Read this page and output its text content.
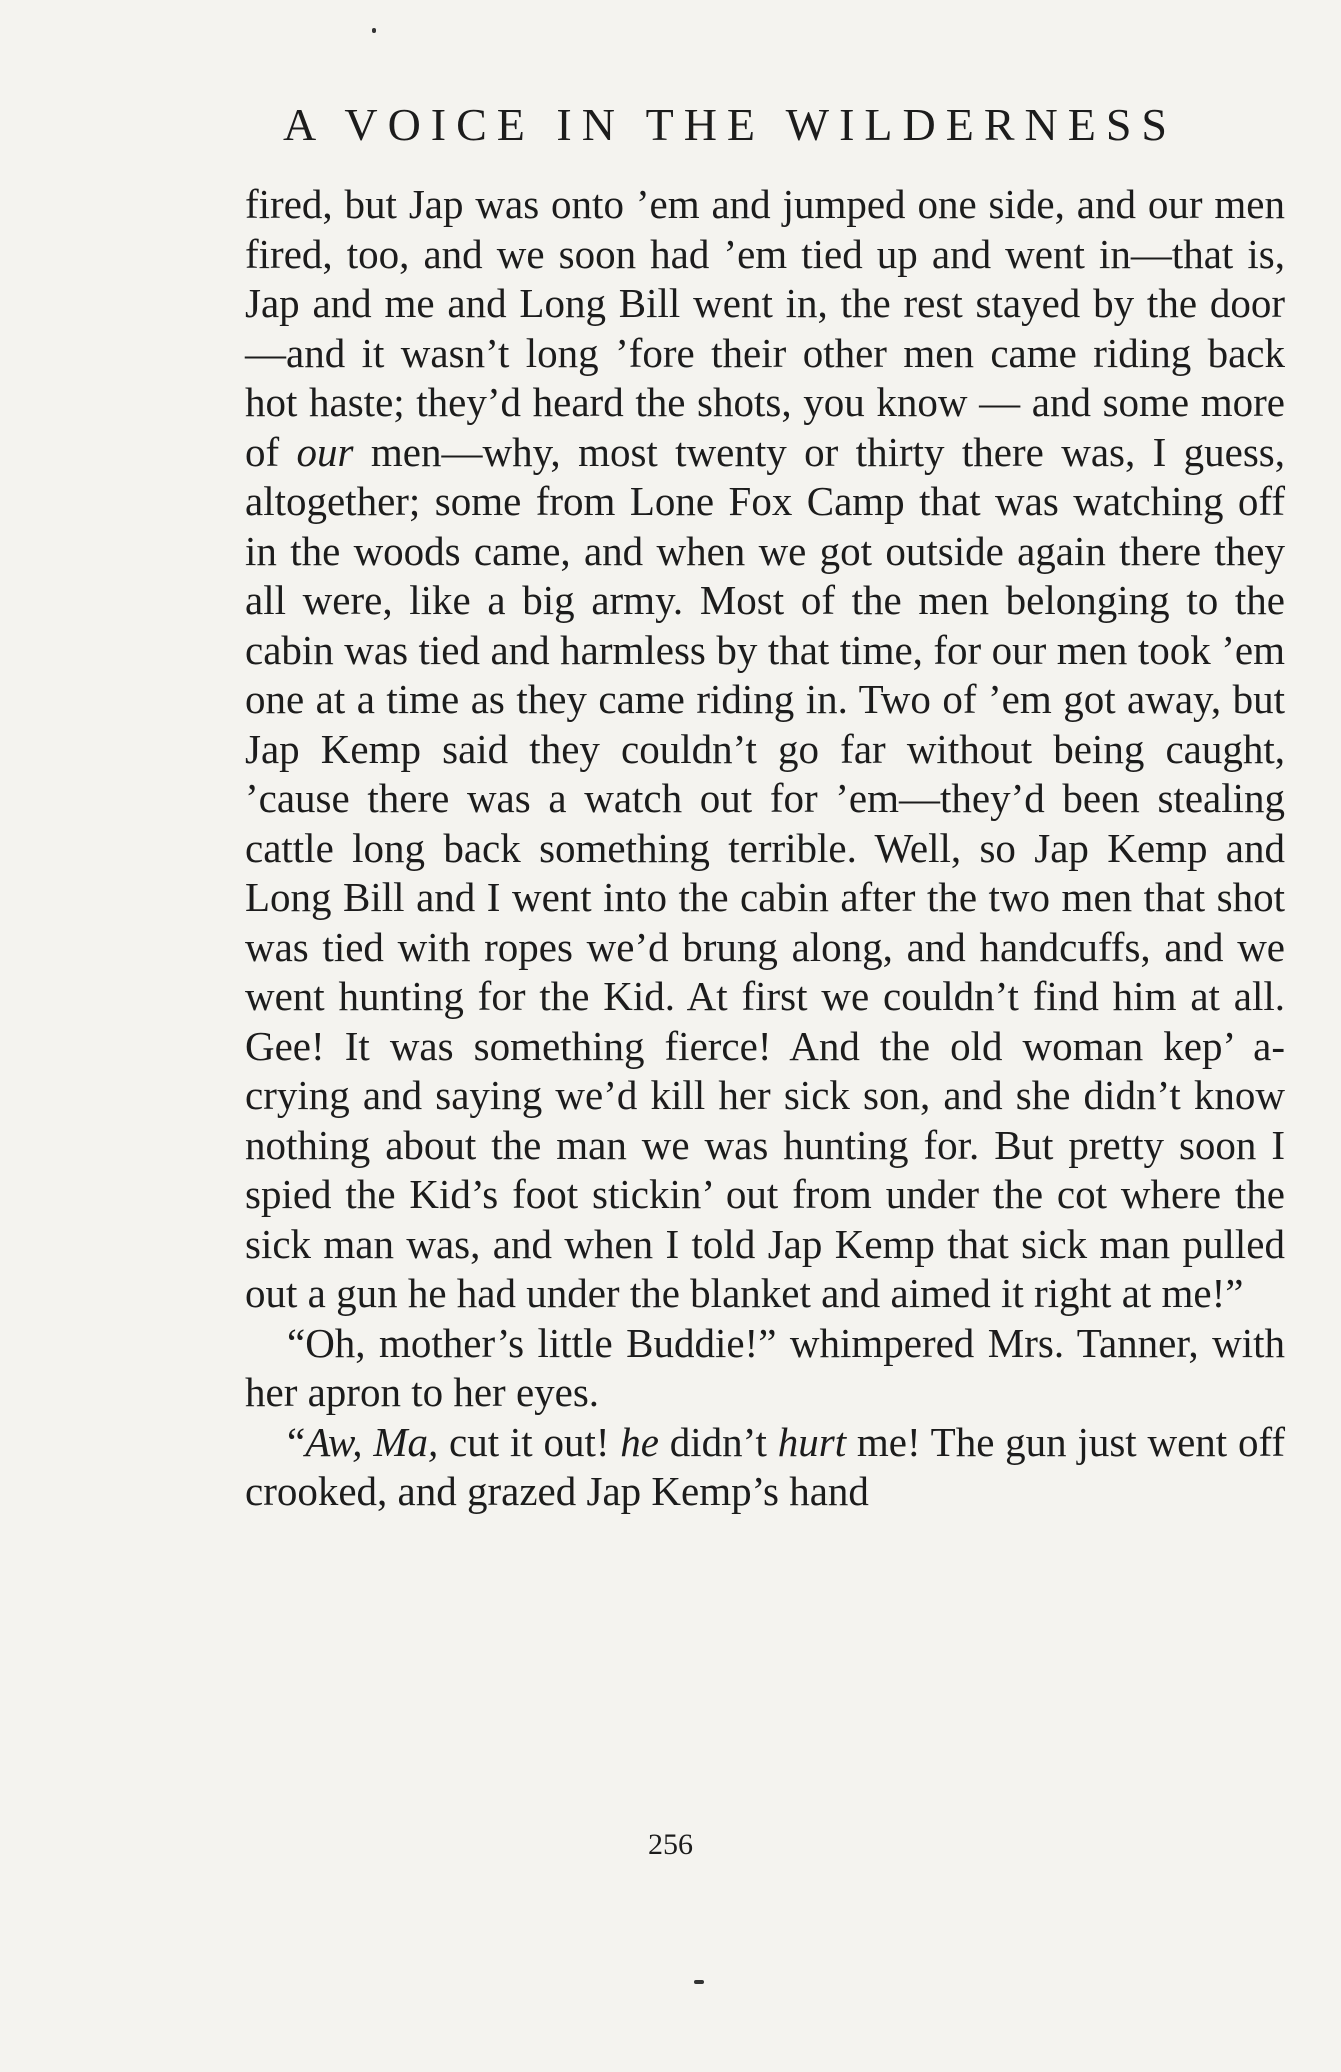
A VOICE IN THE WILDERNESS

fired, but Jap was onto ’em and jumped one side, and our men fired, too, and we soon had ’em tied up and went in—that is, Jap and me and Long Bill went in, the rest stayed by the door—and it wasn’t long ’fore their other men came riding back hot haste; they’d heard the shots, you know — and some more of our men—why, most twenty or thirty there was, I guess, altogether; some from Lone Fox Camp that was watching off in the woods came, and when we got outside again there they all were, like a big army. Most of the men belonging to the cabin was tied and harmless by that time, for our men took ’em one at a time as they came riding in. Two of ’em got away, but Jap Kemp said they couldn’t go far without being caught, ’cause there was a watch out for ’em—they’d been stealing cattle long back something terrible. Well, so Jap Kemp and Long Bill and I went into the cabin after the two men that shot was tied with ropes we’d brung along, and handcuffs, and we went hunting for the Kid. At first we couldn’t find him at all. Gee! It was something fierce! And the old woman kep’ a-crying and saying we’d kill her sick son, and she didn’t know nothing about the man we was hunting for. But pretty soon I spied the Kid’s foot stickin’ out from under the cot where the sick man was, and when I told Jap Kemp that sick man pulled out a gun he had under the blanket and aimed it right at me!”

“Oh, mother’s little Buddie!” whimpered Mrs. Tanner, with her apron to her eyes.

“Aw, Ma, cut it out! he didn’t hurt me! The gun just went off crooked, and grazed Jap Kemp’s hand

256
